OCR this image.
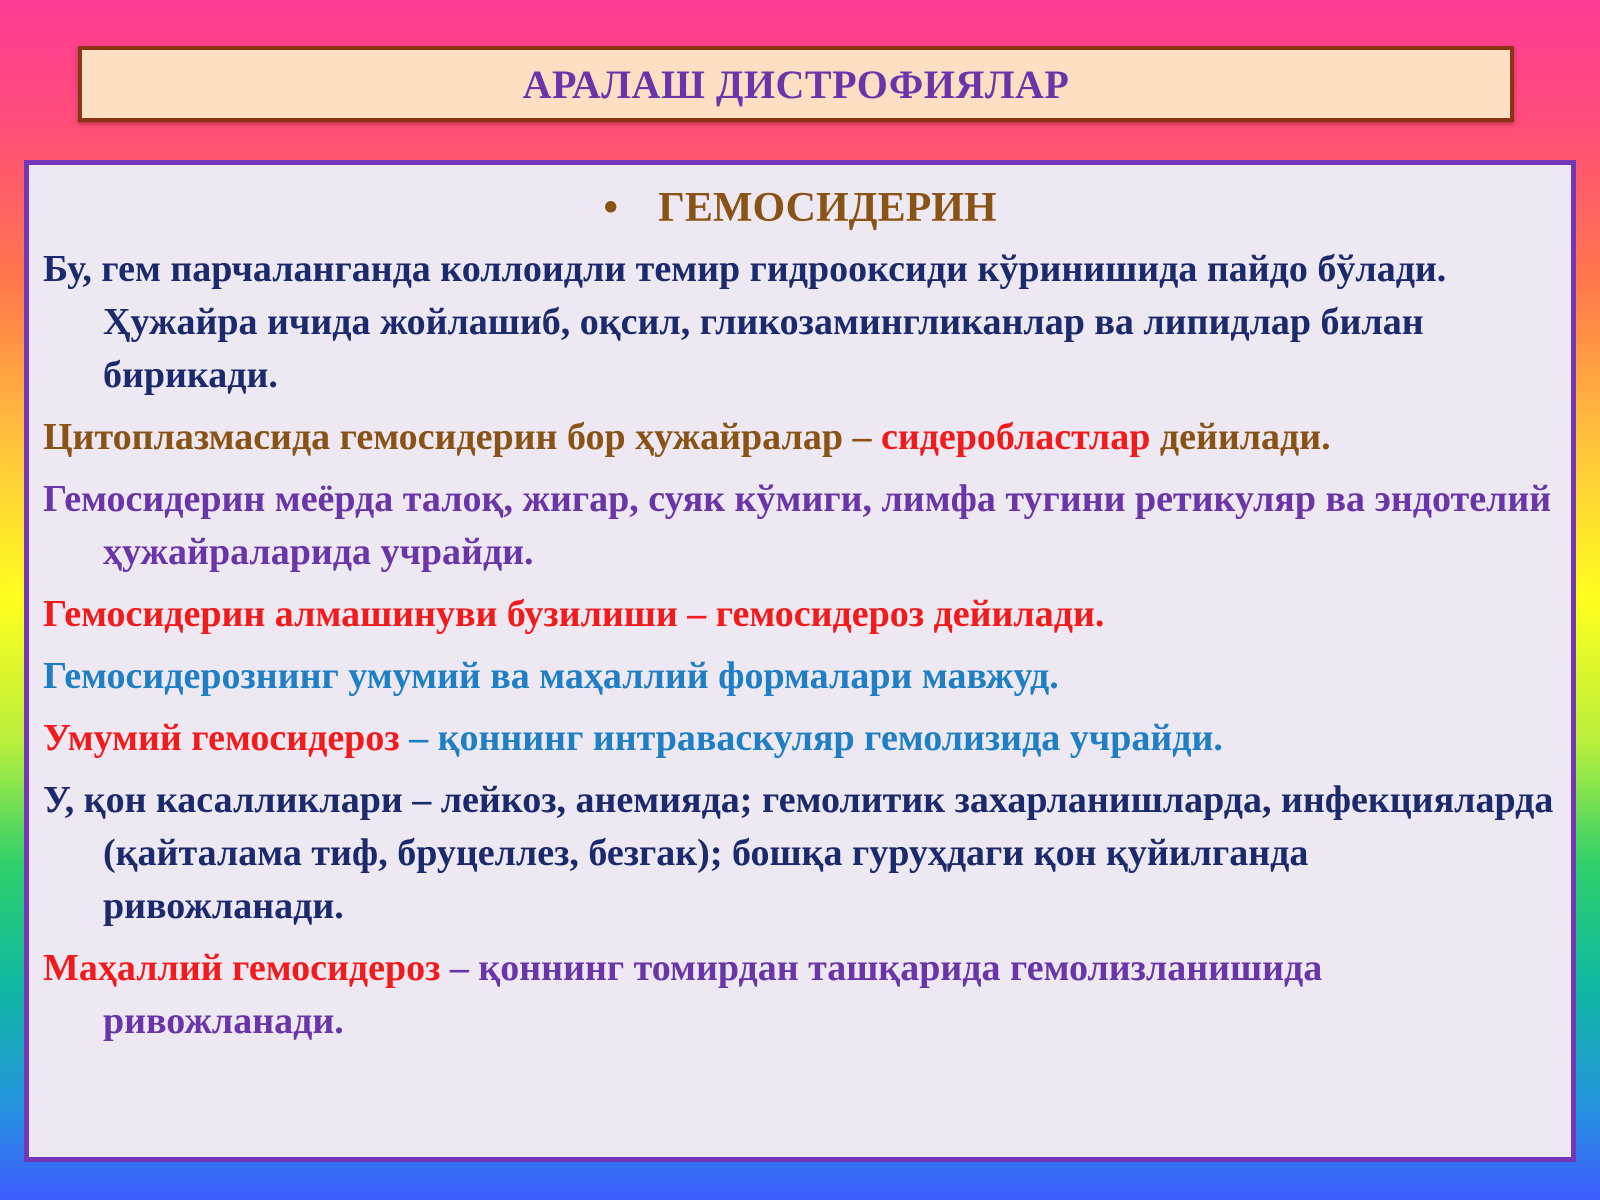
АРАЛАШ ДИСТРОФИЯЛАР
• ГЕМОСИДЕРИН

Бу, гем парчаланганда коллоидли темир гидрооксиди кўринишида пайдо бўлади. Ҳужайра ичида жойлашиб, оқсил, гликозамингликанлар ва липидлар билан бирикади.

Цитоплазмасида гемосидерин бор ҳужайралар – сидеробластлар дейилади.

Гемосидерин меёрда талоқ, жигар, суяк кўмиги, лимфа тугини ретикуляр ва эндотелий ҳужайраларида учрайди.

Гемосидерин алмашинуви бузилиши – гемосидероз дейилади.

Гемосидерознинг умумий ва маҳаллий формалари мавжуд.

Умумий гемосидероз – қоннинг интраваскуляр гемолизида учрайди.

У, қон касалликлари – лейкоз, анемияда; гемолитик захарланишларда, инфекцияларда (қайталама тиф, бруцеллез, безгак); бошқа гуруҳдаги қон қуйилганда ривожланади.

Маҳаллий гемосидероз – қоннинг томирдан ташқарида гемолизланишида ривожланади.
